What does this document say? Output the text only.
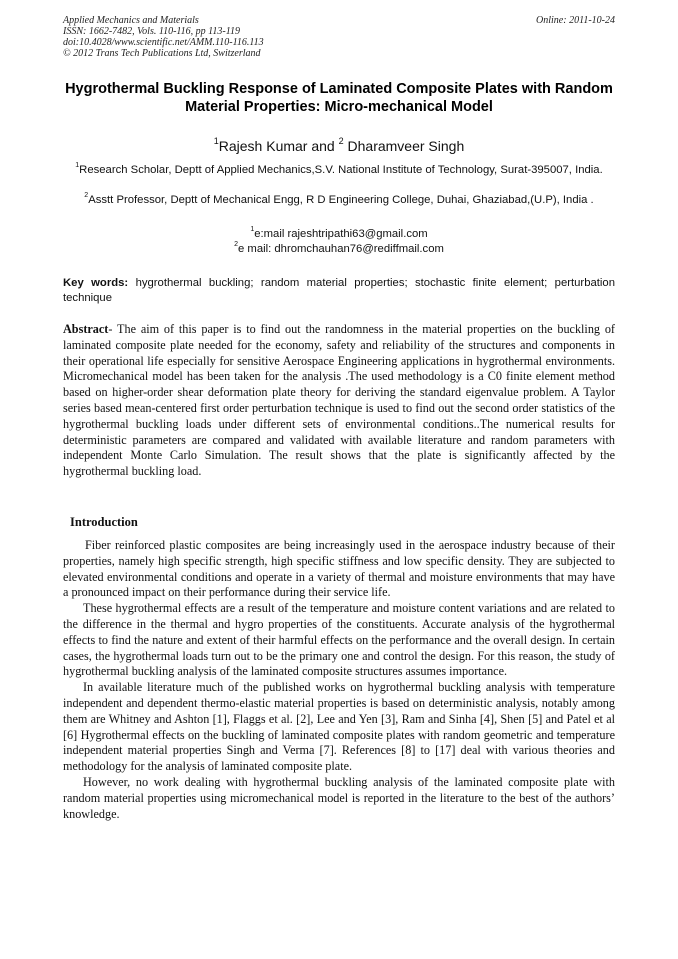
Applied Mechanics and Materials
ISSN: 1662-7482, Vols. 110-116, pp 113-119
doi:10.4028/www.scientific.net/AMM.110-116.113
© 2012 Trans Tech Publications Ltd, Switzerland
Online: 2011-10-24
Hygrothermal Buckling Response of Laminated Composite Plates with Random Material Properties: Micro-mechanical Model
$^1$Rajesh Kumar and $^2$ Dharamveer Singh
$^1$Research Scholar, Deptt of Applied Mechanics,S.V. National Institute of Technology, Surat-395007, India.
$^2$Asstt Professor, Deptt of Mechanical Engg, R D Engineering College, Duhai, Ghaziabad,(U.P), India .
$^1$e:mail rajeshtripathi63@gmail.com
$^2$e mail: dhromchauhan76@rediffmail.com
Key words: hygrothermal buckling; random material properties; stochastic finite element; perturbation technique
Abstract- The aim of this paper is to find out the randomness in the material properties on the buckling of laminated composite plate needed for the economy, safety and reliability of the structures and components in their operational life especially for sensitive Aerospace Engineering applications in hygrothermal environments. Micromechanical model has been taken for the analysis .The used methodology is a C0 finite element method based on higher-order shear deformation plate theory for deriving the standard eigenvalue problem. A Taylor series based mean-centered first order perturbation technique is used to find out the second order statistics of the hygrothermal buckling loads under different sets of environmental conditions..The numerical results for deterministic parameters are compared and validated with available literature and random parameters with independent Monte Carlo Simulation. The result shows that the plate is significantly affected by the hygrothermal buckling load.
Introduction

Fiber reinforced plastic composites are being increasingly used in the aerospace industry because of their properties, namely high specific strength, high specific stiffness and low specific density. They are subjected to elevated environmental conditions and operate in a variety of thermal and moisture environments that may have a pronounced impact on their performance during their service life.

These hygrothermal effects are a result of the temperature and moisture content variations and are related to the difference in the thermal and hygro properties of the constituents. Accurate analysis of the hygrothermal effects to find the nature and extent of their harmful effects on the performance and the overall design. In certain cases, the hygrothermal loads turn out to be the primary one and control the design. For this reason, the study of hygrothermal buckling analysis of the laminated composite structures assumes importance.

In available literature much of the published works on hygrothermal buckling analysis with temperature independent and dependent thermo-elastic material properties is based on deterministic analysis, notably among them are Whitney and Ashton [1], Flaggs et al. [2], Lee and Yen [3], Ram and Sinha [4], Shen [5] and Patel et al [6] Hygrothermal effects on the buckling of laminated composite plates with random geometric and temperature independent material properties Singh and Verma [7]. References [8] to [17] deal with various theories and methodology for the analysis of laminated composite plate.

However, no work dealing with hygrothermal buckling analysis of the laminated composite plate with random material properties using micromechanical model is reported in the literature to the best of the authors’ knowledge.
